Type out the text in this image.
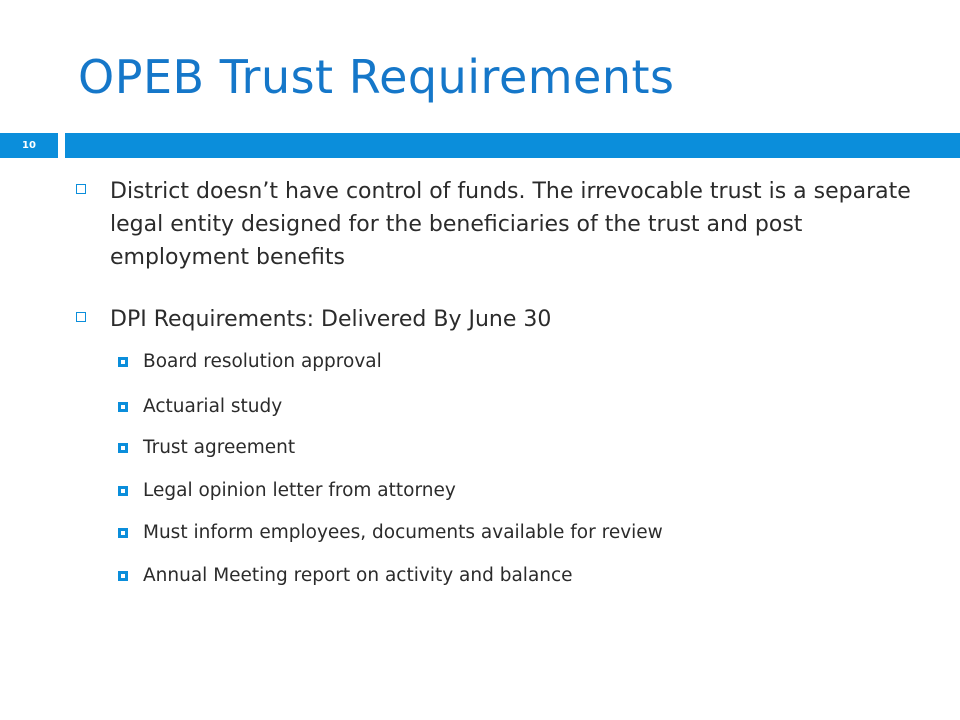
OPEB Trust Requirements
10
District doesn’t have control of funds. The irrevocable trust is a separate legal entity designed for the beneficiaries of the trust and post employment benefits
DPI Requirements: Delivered By June 30
Board resolution approval
Actuarial study
Trust agreement
Legal opinion letter from attorney
Must inform employees, documents available for review
Annual Meeting report on activity and balance
